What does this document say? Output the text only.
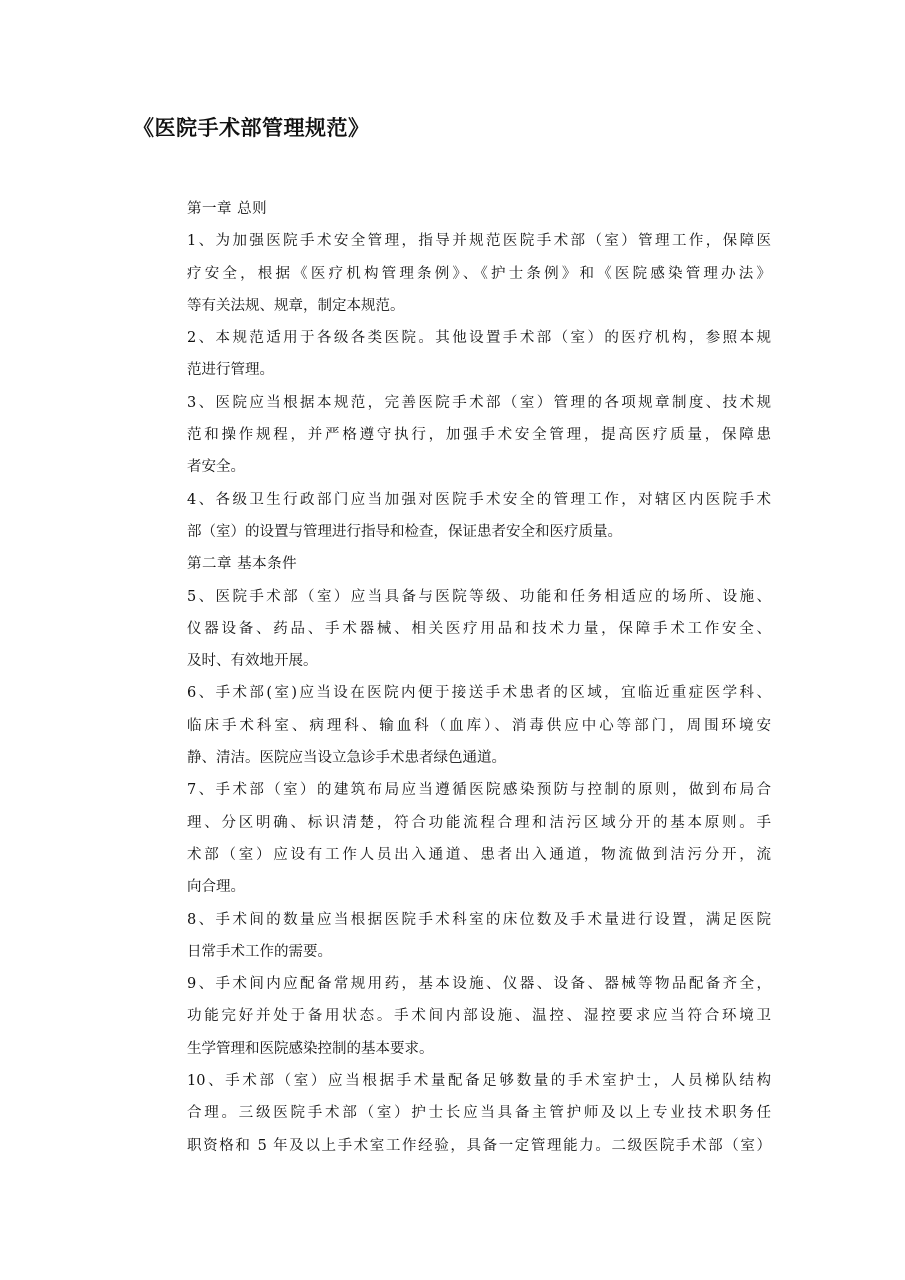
《医院手术部管理规范》
第一章 总则
1、为加强医院手术安全管理，指导并规范医院手术部（室）管理工作，保障医
疗安全，根据《医疗机构管理条例》、《护士条例》和《医院感染管理办法》
等有关法规、规章，制定本规范。
2、本规范适用于各级各类医院。其他设置手术部（室）的医疗机构，参照本规
范进行管理。
3、医院应当根据本规范，完善医院手术部（室）管理的各项规章制度、技术规
范和操作规程，并严格遵守执行，加强手术安全管理，提高医疗质量，保障患
者安全。
4、各级卫生行政部门应当加强对医院手术安全的管理工作，对辖区内医院手术
部（室）的设置与管理进行指导和检查，保证患者安全和医疗质量。
第二章 基本条件
5、医院手术部（室）应当具备与医院等级、功能和任务相适应的场所、设施、
仪器设备、药品、手术器械、相关医疗用品和技术力量，保障手术工作安全、
及时、有效地开展。
6、手术部(室)应当设在医院内便于接送手术患者的区域，宜临近重症医学科、
临床手术科室、病理科、输血科（血库）、消毒供应中心等部门，周围环境安
静、清洁。医院应当设立急诊手术患者绿色通道。
7、手术部（室）的建筑布局应当遵循医院感染预防与控制的原则，做到布局合
理、分区明确、标识清楚，符合功能流程合理和洁污区域分开的基本原则。手
术部（室）应设有工作人员出入通道、患者出入通道，物流做到洁污分开，流
向合理。
8、手术间的数量应当根据医院手术科室的床位数及手术量进行设置，满足医院
日常手术工作的需要。
9、手术间内应配备常规用药，基本设施、仪器、设备、器械等物品配备齐全，
功能完好并处于备用状态。手术间内部设施、温控、湿控要求应当符合环境卫
生学管理和医院感染控制的基本要求。
10、手术部（室）应当根据手术量配备足够数量的手术室护士，人员梯队结构
合理。三级医院手术部（室）护士长应当具备主管护师及以上专业技术职务任
职资格和 5 年及以上手术室工作经验，具备一定管理能力。二级医院手术部（室）
